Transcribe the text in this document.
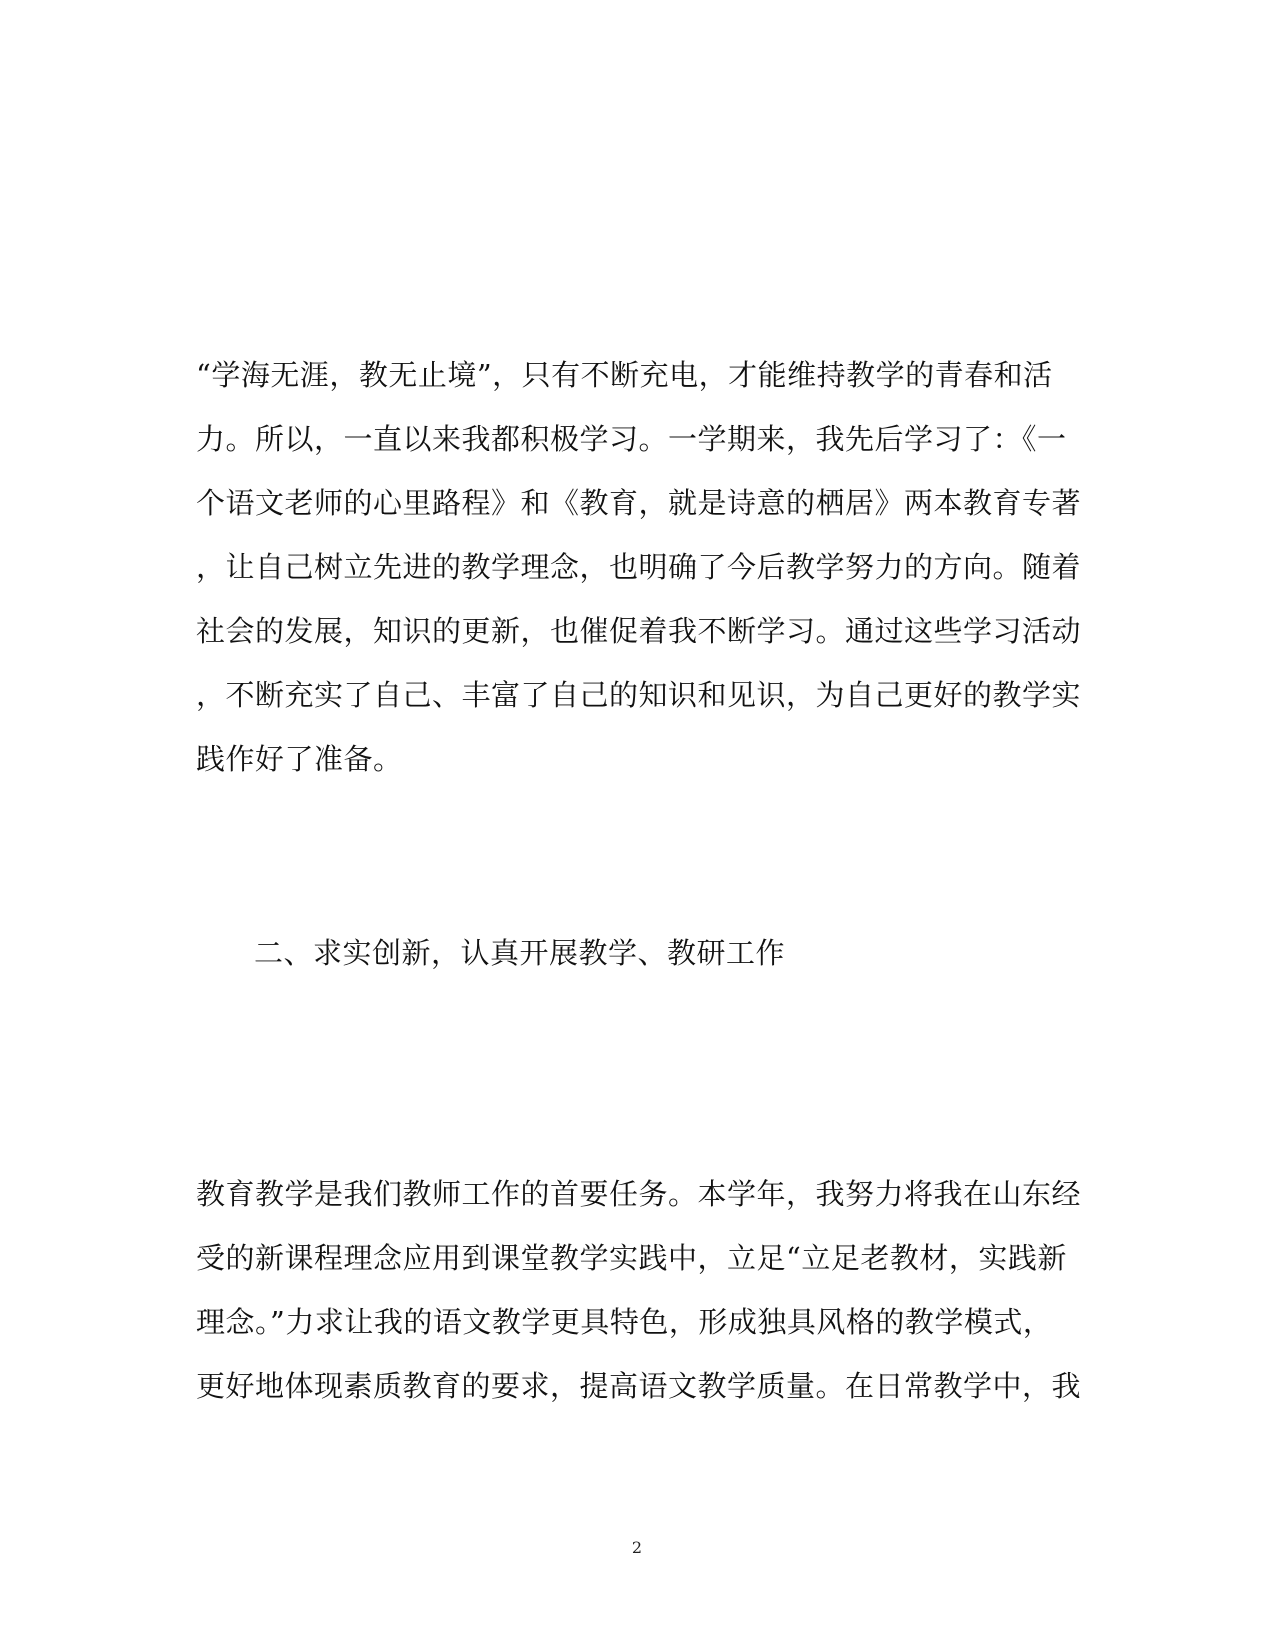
“学海无涯，教无止境”，只有不断充电，才能维持教学的青春和活
力。所以，一直以来我都积极学习。一学期来，我先后学习了：《一
个语文老师的心里路程》和《教育，就是诗意的栖居》两本教育专著
，让自己树立先进的教学理念，也明确了今后教学努力的方向。随着
社会的发展，知识的更新，也催促着我不断学习。通过这些学习活动
，不断充实了自己、丰富了自己的知识和见识，为自己更好的教学实
践作好了准备。
二、求实创新，认真开展教学、教研工作
教育教学是我们教师工作的首要任务。本学年，我努力将我在山东经
受的新课程理念应用到课堂教学实践中，立足“立足老教材，实践新
理念。”力求让我的语文教学更具特色，形成独具风格的教学模式，
更好地体现素质教育的要求，提高语文教学质量。在日常教学中，我
2
